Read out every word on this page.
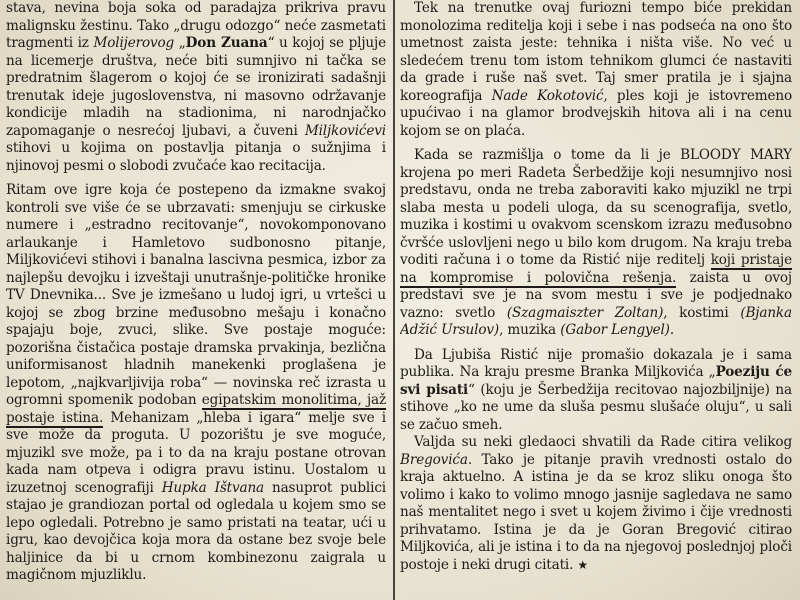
stava, nevina boja soka od paradajza prikriva pravu malignsku žestinu. Tako „drugu odozgo“ neće zasmetati tragmenti iz Molijerovog „Don Zuana“ u kojoj se pljuje na licemerje društva, neće biti sumnjivo ni tačka se predratnim šlagerom o kojoj će se ironizirati sadašnji trenutak ideje jugoslovenstva, ni masovno održavanje kondicije mladih na stadionima, ni narodnjačko zapomaganje o nesrećoj ljubavi, a čuveni Miljkovićevi stihovi u kojima on postavlja pitanja o sužnjima i njinovoj pesmi o slobodi zvučaće kao recitacija.

Ritam ove igre koja će postepeno da izmakne svakoj kontroli sve više će se ubrzavati: smenjuju se cirkuske numere i „estradno recitovanje“, novokomponovano arlaukanje i Hamletovo sudbonosno pitanje, Miljkovićevi stihovi i banalna lascivna pesmica, izbor za najlepšu devojku i izveštaji unutrašnje-političke hronike TV Dnevnika... Sve je izmešano u ludoj igri, u vrtešci u kojoj se zbog brzine međusobno mešaju i konačno spajaju boje, zvuci, slike. Sve postaje moguće: pozorišna čistačica postaje dramska prvakinja, bezlična uniformisanost hladnih manekenki proglašena je lepotom, „najkvarljivija roba“ — novinska reč izrasta u ogromni spomenik podoban egipatskim monolitima, jaž postaje istina. Mehanizam „hleba i igara“ melje sve i sve može da proguta. U pozorištu je sve moguće, mjuzikl sve može, pa i to da na kraju postane otrovan kada nam otpeva i odigra pravu istinu. Uostalom u izuzetnoj scenografiji Hupka Ištvana nasuprot publici stajao je grandiozan portal od ogledala u kojem smo se lepo ogledali. Potrebno je samo pristati na teatar, ući u igru, kao devojčica koja mora da ostane bez svoje bele haljinice da bi u crnom kombinezonu zaigrala u magičnom mjuzliklu.

Tek na trenutke ovaj furiozni tempo biće prekidan monolozima reditelja koji i sebe i nas podseća na ono što umetnost zaista jeste: tehnika i ništa više. No već u sledećem trenu tom istom tehnikom glumci će nastaviti da grade i ruše naš svet. Taj smer pratila je i sjajna koreografija Nade Kokotović, ples koji je istovremeno upućivao i na glamor brodvejskih hitova ali i na cenu kojom se on plaća.

Kada se razmišlja o tome da li je BLOODY MARY krojena po meri Radeta Šerbedžije koji nesumnjivo nosi predstavu, onda ne treba zaboraviti kako mjuzikl ne trpi slaba mesta u podeli uloga, da su scenografija, svetlo, muzika i kostimi u ovakvom scenskom izrazu međusobno čvršće uslovljeni nego u bilo kom drugom. Na kraju treba voditi računa i o tome da Ristić nije reditelj koji pristaje na kompromise i polovična rešenja. zaista u ovoj predstavi sve je na svom mestu i sve je podjednako vazno: svetlo (Szagmaiszter Zoltan), kostimi (Bjanka Adžić Ursulov), muzika (Gabor Lengyel).

Da Ljubiša Ristić nije promašio dokazala je i sama publika. Na kraju presme Branka Miljkovića „Poeziju će svi pisati“ (koju je Šerbedžija recitovao najozbiljnije) na stihove „ko ne ume da sluša pesmu slušaće oluju“, u sali se začuo smeh.

Valjda su neki gledaoci shvatili da Rade citira velikog Bregovića. Tako je pitanje pravih vrednosti ostalo do kraja aktuelno. A istina je da se kroz sliku onoga što volimo i kako to volimo mnogo jasnije sagledava ne samo naš mentalitet nego i svet u kojem živimo i čije vrednosti prihvatamo. Istina je da je Goran Bregović citirao Miljkovića, ali je istina i to da na njegovoj poslednjoj ploči postoje i neki drugi citati. ★
